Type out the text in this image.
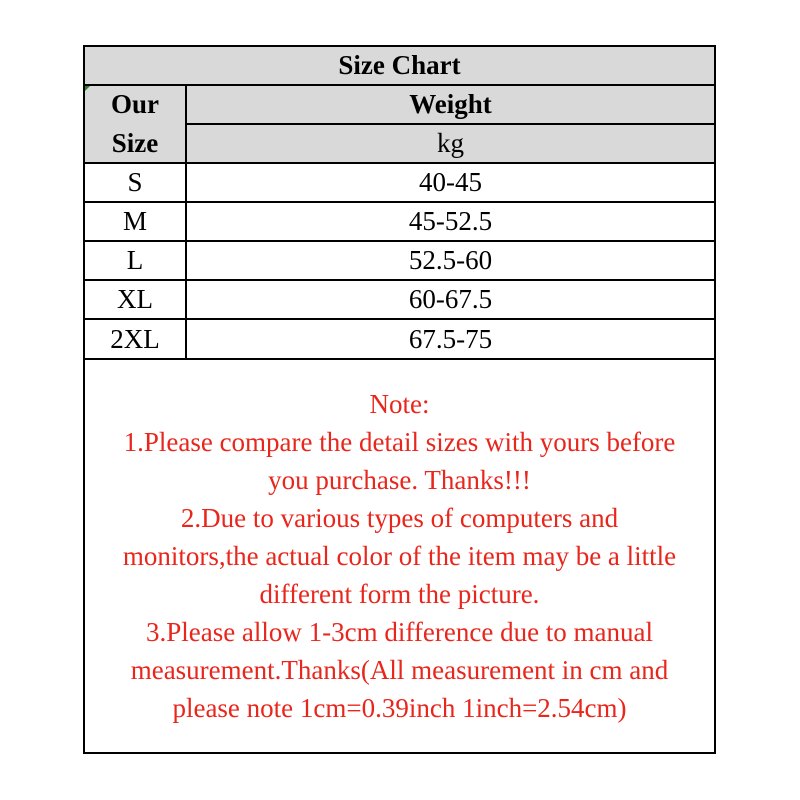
Size Chart
Our
Size
Weight
kg
S	40-45
M	45-52.5
L	52.5-60
XL	60-67.5
2XL	67.5-75
Note:
1.Please compare the detail sizes with yours before
you purchase. Thanks!!!
2.Due to various types of computers and
monitors,the actual color of the item may be a little
different form the picture.
3.Please allow 1-3cm difference due to manual
measurement.Thanks(All measurement in cm and
please note 1cm=0.39inch 1inch=2.54cm)
